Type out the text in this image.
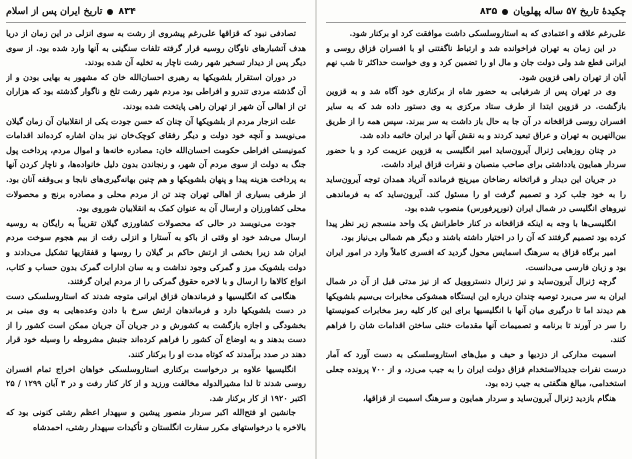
۸۳۴تاریخ ایران پس از اسلام

تصادفی نبود که قزاقها علی‌رغم پیشروی از رشت به سوی انزلی در این زمان از دریا هدف آتشبارهای ناوگان روسیه قرار گرفته تلفات سنگینی به آنها وارد شده بود. از سوی دیگر پس از دیدار تسخیر شهر رشت ناچار به تخلیه آن شده بودند.

در دوران استقرار بلشویکها به رهبری احسان‌الله خان که مشهور به بهایی بودن و از آن گذشته مردی تندرو و افراطی بود مردم شهر رشت تلخ و ناگوار گذشته بود که هزاران تن از اهالی آن شهر از تهران راهی پایتخت شده بودند.

علت انزجار مردم از بلشویکها آن چنان که حسن جودت یکی از انقلابیان آن زمان گیلان می‌نویسد و آنچه خود دولت و دیگر رفقای کوچک‌خان نیز بدان اشاره کرده‌اند اقدامات کمونیستی افراطی حکومت احسان‌الله خان: مصادره خانه‌ها و اموال مردم، پرداخت پول جنگ به دولت از سوی مردم آن شهر، و رنجاندن بدون دلیل خانواده‌ها، و ناچار کردن آنها به پرداخت هزینه پیدا و پنهان بلشویکها و هم چنین بهانه‌گیری‌های نابجا و بی‌وقفه آنان بود. از طرفی بسیاری از اهالی تهران چند تن از مردم محلی و مصادره برنج و محصولات محلی کشاورزان و ارسال آن به عنوان کمک به انقلابیان شوروی بود.

جودت می‌نویسد در حالی که محصولات کشاورزی گیلان تقریباً به رایگان به روسیه ارسال می‌شد خود او وقتی از باکو به آستارا و انزلی رفت از بیم هجوم سوخت مردم ایران شد زیرا بخشی از ارتش حاکم بر گیلان را روسها و قفقازیها تشکیل می‌دادند و دولت بلشویک مرز و گمرکی وجود نداشت و به سان ادارات گمرک بدون حساب و کتاب، انواع کالاها را ارسال و با لاخره حقوق گمرکی را از مردم ایران گرفتند.

هنگامی که انگلیسیها و فرماندهان قزاق ایرانی متوجه شدند که استاروسلسکی دست در دست بلشویکها دارد و فرماندهان ارتش سرخ با دادن وعده‌هایی به وی مبنی بر بخشودگی و اجازه بازگشت به کشورش و در جریان آن جریان ممکن است کشور را از دست بدهند و به اوضاع آن کشور را فراهم کرده‌اند جنبش مشروطه را وسیله خود قرار دهند در صدد برآمدند که کوتاه مدت او را برکنار کنند.

انگلیسیها علاوه بر درخواست برکناری استاروسلسکی خواهان اخراج تمام افسران روسی شدند تا لدا مشیرالدوله مخالفت ورزید و از کار کنار رفت و در ۳ آبان ۱۲۹۹ / ۲۵ اکتبر ۱۹۲۰ از کار برکنار شد.

جانشین او فتح‌الله اکبر سردار منصور پیشین و سپهدار اعظم رشتی کنونی بود که بالاخره با درخواستهای مکرر سفارت انگلستان و تأکیدات سپهدار رشتی، احمدشاه

چکیدهٔ تاریخ ۵۷ ساله پهلویان۸۳۵

علی‌رغم علاقه و اعتمادی که به استاروسلسکی داشت موافقت کرد او برکنار شود.

در این زمان به تهران فراخوانده شد و ارتباط ناگفتنی او با افسران قزاق روسی و ایرانی قطع شد ولی دولت جان و مال او را تضمین کرد و وی خواست حداکثر تا شب نهم آبان از تهران راهی قزوین شود.

وی در تهران پس از شرفیابی به حضور شاه از برکناری خود آگاه شد و به قزوین بازگشت. در قزوین ابتدا از طرف ستاد مرکزی به وی دستور داده شد که به سایر افسران روسی قزاقخانه در آن جا به حال باز داشت به سر ببرند. سپس همه را از طریق بین‌النهرین به تهران و عراق تبعید کردند و به نقش آنها در ایران خاتمه داده شد.

در چنان روزهایی ژنرال آیرون‌ساید امیر انگلیسی به قزوین عزیمت کرد و با حضور سردار همایون یادداشتی برای صاحب منصبان و نفرات قزاق ایراد داشت.

در جریان این دیدار و قراتخانه رضاخان میرپنج فرمانده آتریاد همدان توجه آیرون‌ساید را به خود جلب کرد و تصمیم گرفت او را مسئول کند. آیرون‌ساید که به فرماندهی نیروهای انگلیسی در شمال ایران (نورپرفورس) منصوب شده بود.

انگلیسی‌ها با وجه به اینکه قزاقخانه در کنار خاطرانش یک واحد منسجم زیر نظر پیدا کرده بود تصمیم گرفتند که آن را در اختیار داشته باشند و دیگر هم شمالی بی‌نیاز بود.

امیر برگاه قزاق به سرهنگ اسمایس محول گردید که افسری کاملاً وارد در امور ایران بود و زبان فارسی می‌دانست.

گرچه ژنرال آیرون‌ساید و نیز ژنرال دنستروویل که از نیز مدتی قبل از آن در شمال ایران به سر می‌برد توصیه چندان درباره این ایستگاه همشوکی مخابرات بی‌سیم بلشویکها هم دیدند اما تا درگیری میان آنها با انگلیسیها برای این کار کلیه رمز مخابرات کمونیستها را سر در آورند تا برنامه و تصمیمات آنها مقدمات خنثی ساختن اقدامات شان را فراهم کنند.

اسمیت مدارکی از دزدیها و حیف و میل‌های استاروسلسکی به دست آورد که آمار درست نفرات جدیدالاستخدام قزاق دولت ایران را به جیب می‌زد، و از ۷۰۰ پرونده جعلی استخدامی، مبالغ هنگفتی به جیب زده بود.

هنگام بازدید ژنرال آیرون‌ساید و سردار همایون و سرهنگ اسمیت از قزاقها،
